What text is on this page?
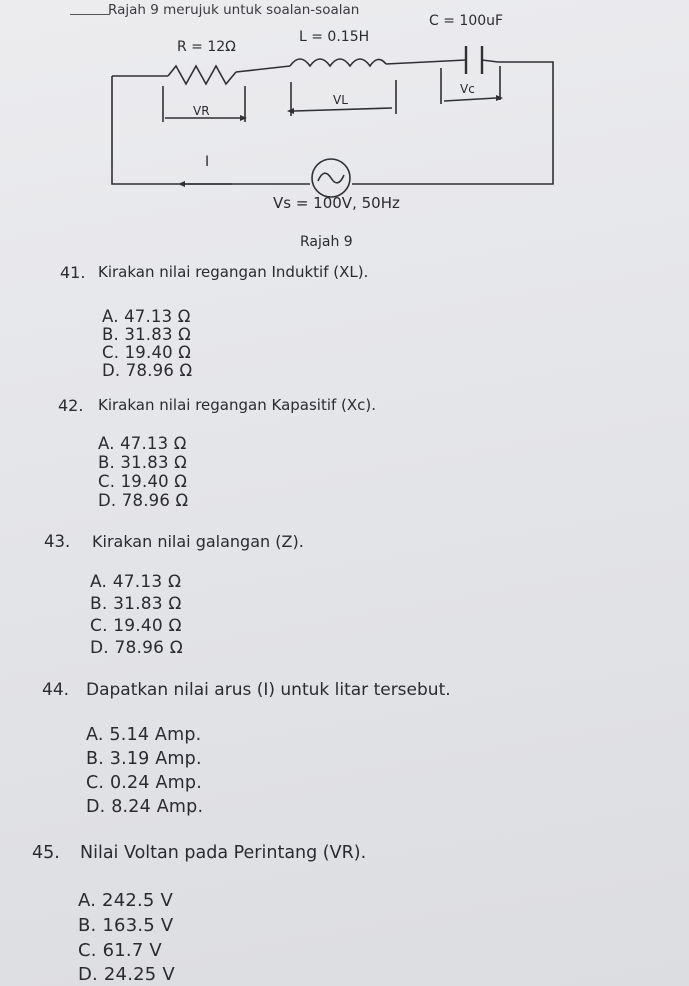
Rajah 9 merujuk untuk soalan-soalan
R = 12Ω
L = 0.15H
C = 100uF
VR
VL
Vc
I
Vs = 100V, 50Hz
Rajah 9
41. Kirakan nilai regangan Induktif (XL).
A. 47.13 Ω
B. 31.83 Ω
C. 19.40 Ω
D. 78.96 Ω
42. Kirakan nilai regangan Kapasitif (Xc).
A. 47.13 Ω
B. 31.83 Ω
C. 19.40 Ω
D. 78.96 Ω
43. Kirakan nilai galangan (Z).
A. 47.13 Ω
B. 31.83 Ω
C. 19.40 Ω
D. 78.96 Ω
44. Dapatkan nilai arus (I) untuk litar tersebut.
A. 5.14 Amp.
B. 3.19 Amp.
C. 0.24 Amp.
D. 8.24 Amp.
45. Nilai Voltan pada Perintang (VR).
A. 242.5 V
B. 163.5 V
C. 61.7 V
D. 24.25 V
